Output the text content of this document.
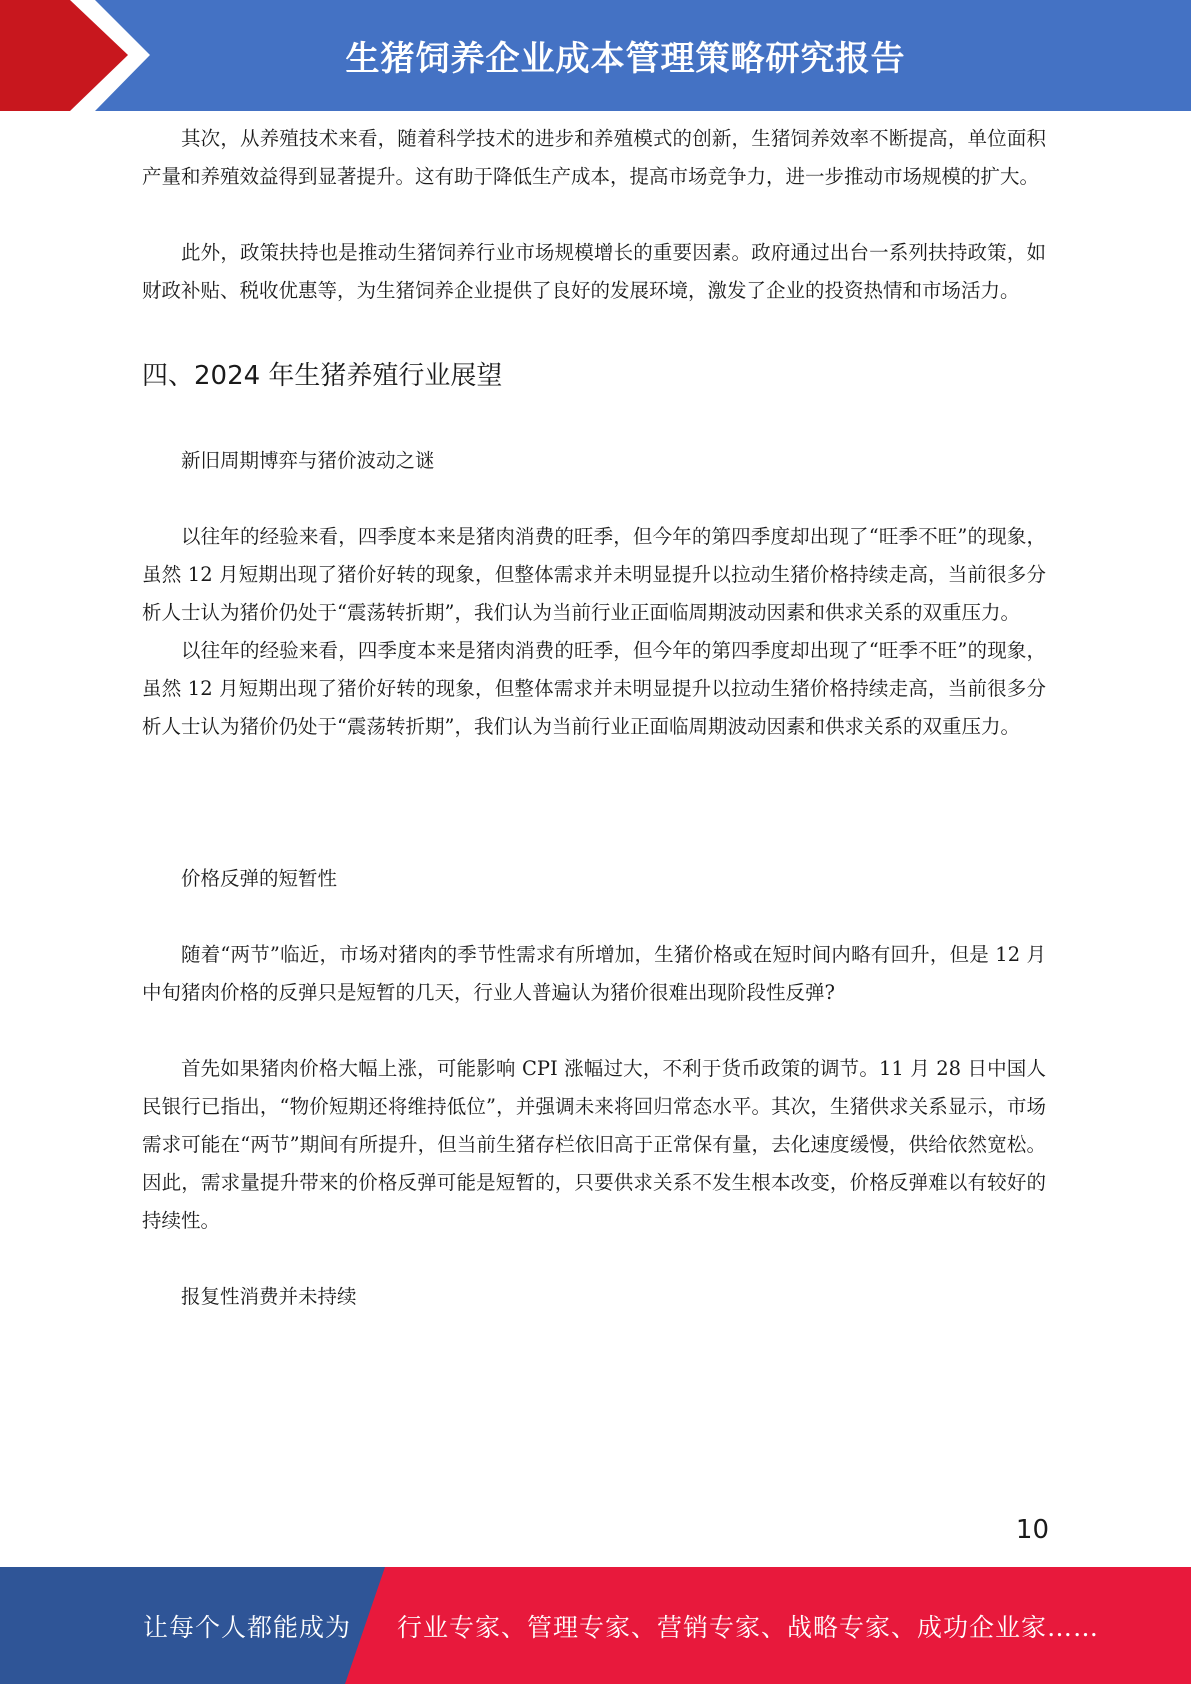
生猪饲养企业成本管理策略研究报告

其次，从养殖技术来看，随着科学技术的进步和养殖模式的创新，生猪饲养效率不断提高，单位面积产量和养殖效益得到显著提升。这有助于降低生产成本，提高市场竞争力，进一步推动市场规模的扩大。

此外，政策扶持也是推动生猪饲养行业市场规模增长的重要因素。政府通过出台一系列扶持政策，如财政补贴、税收优惠等，为生猪饲养企业提供了良好的发展环境，激发了企业的投资热情和市场活力。

四、2024 年生猪养殖行业展望

新旧周期博弈与猪价波动之谜

以往年的经验来看，四季度本来是猪肉消费的旺季，但今年的第四季度却出现了“旺季不旺”的现象，虽然 12 月短期出现了猪价好转的现象，但整体需求并未明显提升以拉动生猪价格持续走高，当前很多分析人士认为猪价仍处于“震荡转折期”，我们认为当前行业正面临周期波动因素和供求关系的双重压力。

以往年的经验来看，四季度本来是猪肉消费的旺季，但今年的第四季度却出现了“旺季不旺”的现象，虽然 12 月短期出现了猪价好转的现象，但整体需求并未明显提升以拉动生猪价格持续走高，当前很多分析人士认为猪价仍处于“震荡转折期”，我们认为当前行业正面临周期波动因素和供求关系的双重压力。

价格反弹的短暂性

随着“两节”临近，市场对猪肉的季节性需求有所增加，生猪价格或在短时间内略有回升，但是 12 月中旬猪肉价格的反弹只是短暂的几天，行业人普遍认为猪价很难出现阶段性反弹?

首先如果猪肉价格大幅上涨，可能影响 CPI 涨幅过大，不利于货币政策的调节。11 月 28 日中国人民银行已指出，“物价短期还将维持低位”，并强调未来将回归常态水平。其次，生猪供求关系显示，市场需求可能在“两节”期间有所提升，但当前生猪存栏依旧高于正常保有量，去化速度缓慢，供给依然宽松。因此，需求量提升带来的价格反弹可能是短暂的，只要供求关系不发生根本改变，价格反弹难以有较好的持续性。

报复性消费并未持续

10
让每个人都能成为 行业专家、管理专家、营销专家、战略专家、成功企业家……
